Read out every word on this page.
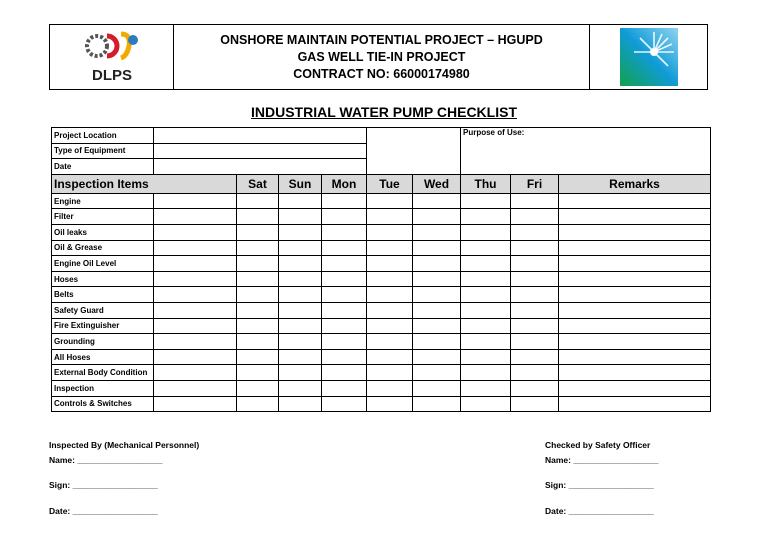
DLPS
ONSHORE MAINTAIN POTENTIAL PROJECT – HGUPD
GAS WELL TIE-IN PROJECT
CONTRACT NO: 66000174980
INDUSTRIAL WATER PUMP CHECKLIST
Project Location							Purpose of Use:		
Type of Equipment									
Date									
Inspection Items		Sat	Sun	Mon	Tue	Wed	Thu	Fri	Remarks
Engine									
Filter									
Oil leaks									
Oil & Grease									
Engine Oil Level									
Hoses									
Belts									
Safety Guard									
Fire Extinguisher									
Grounding									
All Hoses									
External Body Condition									
Inspection									
Controls & Switches									
Inspected By (Mechanical Personnel)
Name: __________________
Sign: __________________
Date: __________________
Checked by Safety Officer
Name: __________________
Sign: __________________
Date: __________________
